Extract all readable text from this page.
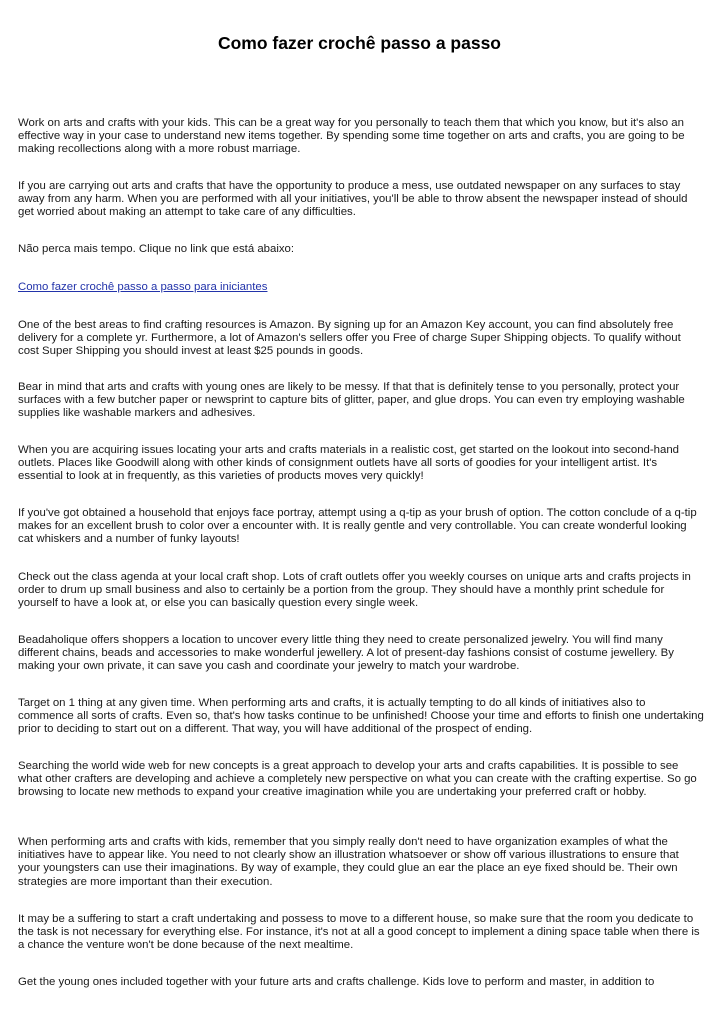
Como fazer crochê passo a passo

Work on arts and crafts with your kids. This can be a great way for you personally to teach them that which you know, but it's also an effective way in your case to understand new items together. By spending some time together on arts and crafts, you are going to be making recollections along with a more robust marriage.

If you are carrying out arts and crafts that have the opportunity to produce a mess, use outdated newspaper on any surfaces to stay away from any harm. When you are performed with all your initiatives, you'll be able to throw absent the newspaper instead of should get worried about making an attempt to take care of any difficulties.

Não perca mais tempo. Clique no link que está abaixo:

Como fazer crochê passo a passo para iniciantes

One of the best areas to find crafting resources is Amazon. By signing up for an Amazon Key account, you can find absolutely free delivery for a complete yr. Furthermore, a lot of Amazon's sellers offer you Free of charge Super Shipping objects. To qualify without cost Super Shipping you should invest at least $25 pounds in goods.

Bear in mind that arts and crafts with young ones are likely to be messy. If that that is definitely tense to you personally, protect your surfaces with a few butcher paper or newsprint to capture bits of glitter, paper, and glue drops. You can even try employing washable supplies like washable markers and adhesives.

When you are acquiring issues locating your arts and crafts materials in a realistic cost, get started on the lookout into second-hand outlets. Places like Goodwill along with other kinds of consignment outlets have all sorts of goodies for your intelligent artist. It's essential to look at in frequently, as this varieties of products moves very quickly!

If you've got obtained a household that enjoys face portray, attempt using a q-tip as your brush of option. The cotton conclude of a q-tip makes for an excellent brush to color over a encounter with. It is really gentle and very controllable. You can create wonderful looking cat whiskers and a number of funky layouts!

Check out the class agenda at your local craft shop. Lots of craft outlets offer you weekly courses on unique arts and crafts projects in order to drum up small business and also to certainly be a portion from the group. They should have a monthly print schedule for yourself to have a look at, or else you can basically question every single week.

Beadaholique offers shoppers a location to uncover every little thing they need to create personalized jewelry. You will find many different chains, beads and accessories to make wonderful jewellery. A lot of present-day fashions consist of costume jewellery. By making your own private, it can save you cash and coordinate your jewelry to match your wardrobe.

Target on 1 thing at any given time. When performing arts and crafts, it is actually tempting to do all kinds of initiatives also to commence all sorts of crafts. Even so, that's how tasks continue to be unfinished! Choose your time and efforts to finish one undertaking prior to deciding to start out on a different. That way, you will have additional of the prospect of ending.

Searching the world wide web for new concepts is a great approach to develop your arts and crafts capabilities. It is possible to see what other crafters are developing and achieve a completely new perspective on what you can create with the crafting expertise. So go browsing to locate new methods to expand your creative imagination while you are undertaking your preferred craft or hobby.

When performing arts and crafts with kids, remember that you simply really don't need to have organization examples of what the initiatives have to appear like. You need to not clearly show an illustration whatsoever or show off various illustrations to ensure that your youngsters can use their imaginations. By way of example, they could glue an ear the place an eye fixed should be. Their own strategies are more important than their execution.

It may be a suffering to start a craft undertaking and possess to move to a different house, so make sure that the room you dedicate to the task is not necessary for everything else. For instance, it's not at all a good concept to implement a dining space table when there is a chance the venture won't be done because of the next mealtime.

Get the young ones included together with your future arts and crafts challenge. Kids love to perform and master, in addition to
